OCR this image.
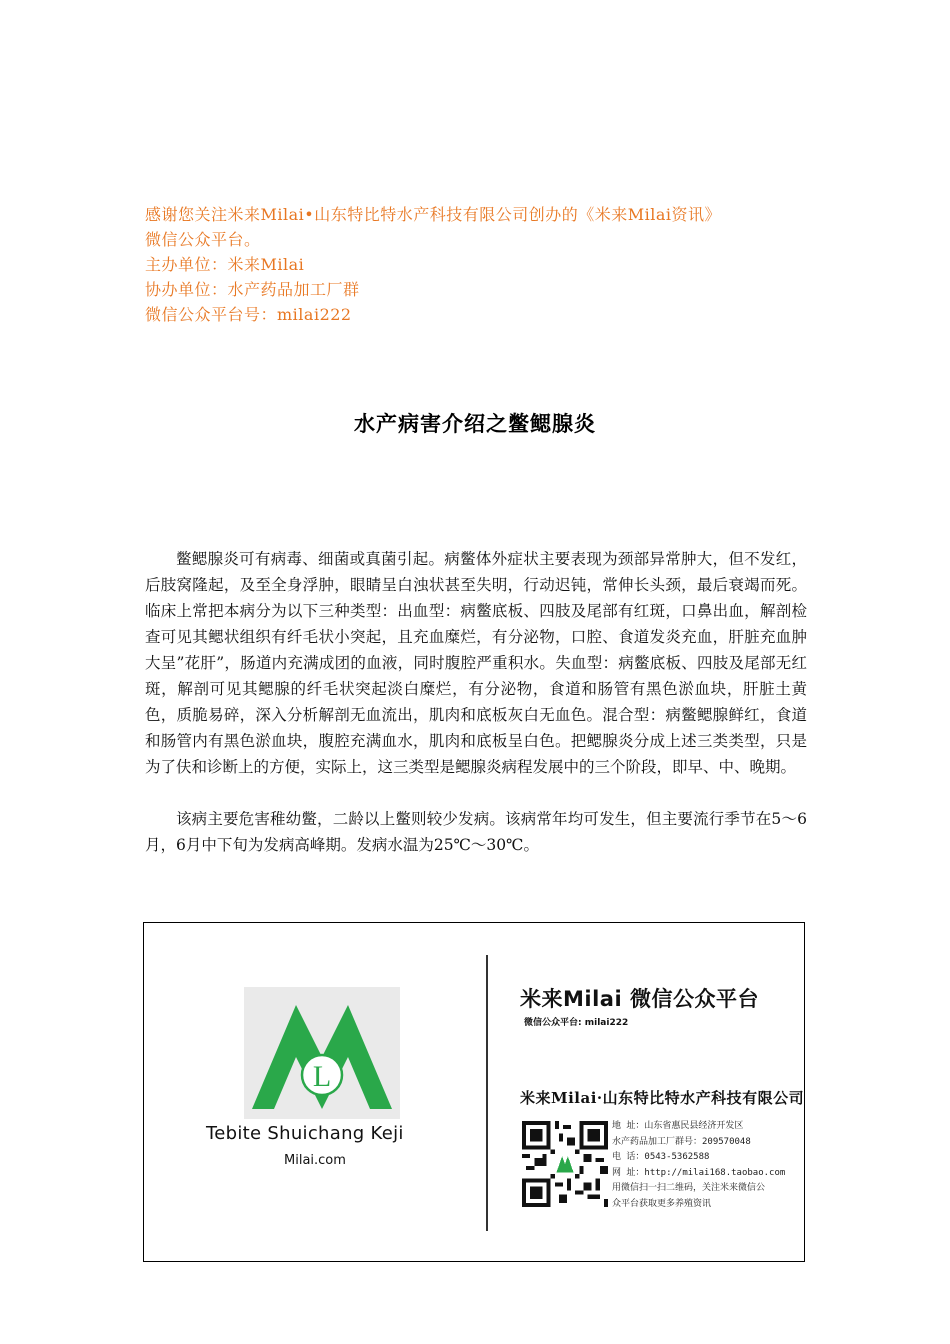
感谢您关注米来Milai•山东特比特水产科技有限公司创办的《米来Milai资讯》
微信公众平台。
主办单位：米来Milai
协办单位：水产药品加工厂群
微信公众平台号：milai222
水产病害介绍之鳖鳃腺炎

鳖鳃腺炎可有病毒、细菌或真菌引起。病鳖体外症状主要表现为颈部异常肿大，但不发红，后肢窝隆起，及至全身浮肿，眼睛呈白浊状甚至失明，行动迟钝，常伸长头颈，最后衰竭而死。临床上常把本病分为以下三种类型：出血型：病鳖底板、四肢及尾部有红斑，口鼻出血，解剖检查可见其鳃状组织有纤毛状小突起，且充血糜烂，有分泌物，口腔、食道发炎充血，肝脏充血肿大呈”花肝”，肠道内充满成团的血液，同时腹腔严重积水。失血型：病鳖底板、四肢及尾部无红斑，解剖可见其鳃腺的纤毛状突起淡白糜烂，有分泌物，食道和肠管有黑色淤血块，肝脏土黄色，质脆易碎，深入分析解剖无血流出，肌肉和底板灰白无血色。混合型：病鳖鳃腺鲜红，食道和肠管内有黑色淤血块，腹腔充满血水，肌肉和底板呈白色。把鳃腺炎分成上述三类类型，只是为了伕和诊断上的方便，实际上，这三类型是鳃腺炎病程发展中的三个阶段，即早、中、晚期。

该病主要危害稚幼鳖，二龄以上鳖则较少发病。该病常年均可发生，但主要流行季节在5～6月，6月中下旬为发病高峰期。发病水温为25℃～30℃。

L
Tebite Shuichang Keji
Milai.com
米来Milai 微信公众平台
微信公众平台: milai222
米来Milai·山东特比特水产科技有限公司
地 址：山东省惠民县经济开发区
水产药品加工厂群号：209570048
电 话：0543-5362588
网 址：http://milai168.taobao.com
用微信扫一扫二维码，关注米来微信公
众平台获取更多养殖资讯
